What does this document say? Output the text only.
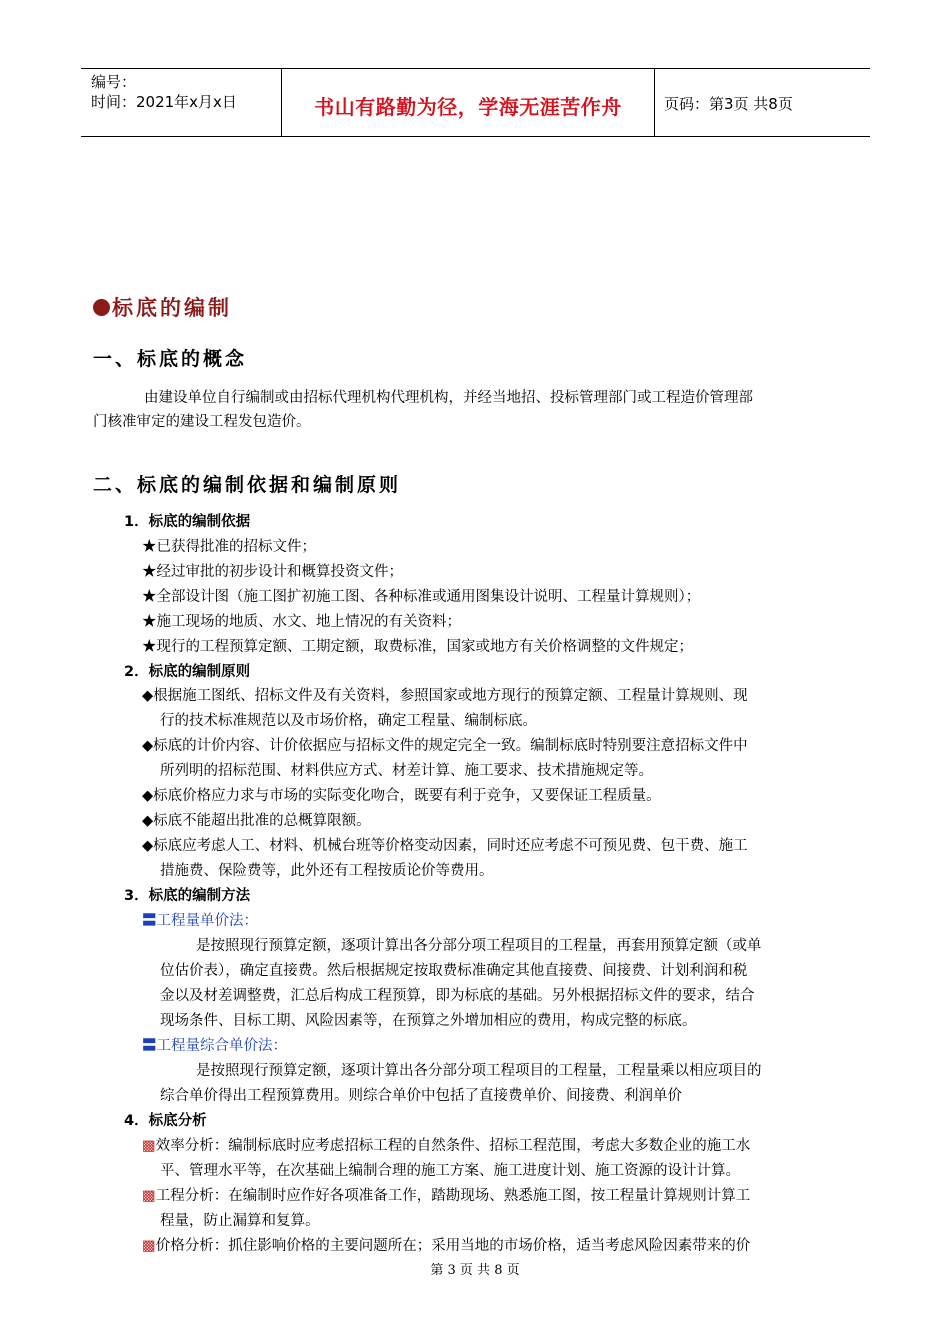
编号：
时间：2021年x月x日	书山有路勤为径，学海无涯苦作舟	页码：第3页 共8页
标底的编制
一、标底的概念
由建设单位自行编制或由招标代理机构代理机构，并经当地招、投标管理部门或工程造价管理部
门核准审定的建设工程发包造价。
二、标底的编制依据和编制原则
1．标底的编制依据
★已获得批准的招标文件；
★经过审批的初步设计和概算投资文件；
★全部设计图（施工图扩初施工图、各种标准或通用图集设计说明、工程量计算规则）；
★施工现场的地质、水文、地上情况的有关资料；
★现行的工程预算定额、工期定额，取费标准，国家或地方有关价格调整的文件规定；
2．标底的编制原则
◆根据施工图纸、招标文件及有关资料，参照国家或地方现行的预算定额、工程量计算规则、现
行的技术标准规范以及市场价格，确定工程量、编制标底。
◆标底的计价内容、计价依据应与招标文件的规定完全一致。编制标底时特别要注意招标文件中
所列明的招标范围、材料供应方式、材差计算、施工要求、技术措施规定等。
◆标底价格应力求与市场的实际变化吻合，既要有利于竞争，又要保证工程质量。
◆标底不能超出批准的总概算限额。
◆标底应考虑人工、材料、机械台班等价格变动因素，同时还应考虑不可预见费、包干费、施工
措施费、保险费等，此外还有工程按质论价等费用。
3．标底的编制方法
〓工程量单价法：
是按照现行预算定额，逐项计算出各分部分项工程项目的工程量，再套用预算定额（或单
位估价表），确定直接费。然后根据规定按取费标准确定其他直接费、间接费、计划利润和税
金以及材差调整费，汇总后构成工程预算，即为标底的基础。另外根据招标文件的要求，结合
现场条件、目标工期、风险因素等，在预算之外增加相应的费用，构成完整的标底。
〓工程量综合单价法：
是按照现行预算定额，逐项计算出各分部分项工程项目的工程量，工程量乘以相应项目的
综合单价得出工程预算费用。则综合单价中包括了直接费单价、间接费、利润单价
4．标底分析
▩效率分析：编制标底时应考虑招标工程的自然条件、招标工程范围，考虑大多数企业的施工水
平、管理水平等，在次基础上编制合理的施工方案、施工进度计划、施工资源的设计计算。
▩工程分析：在编制时应作好各项准备工作，踏勘现场、熟悉施工图，按工程量计算规则计算工
程量，防止漏算和复算。
▩价格分析：抓住影响价格的主要问题所在；采用当地的市场价格，适当考虑风险因素带来的价
第 3 页 共 8 页
